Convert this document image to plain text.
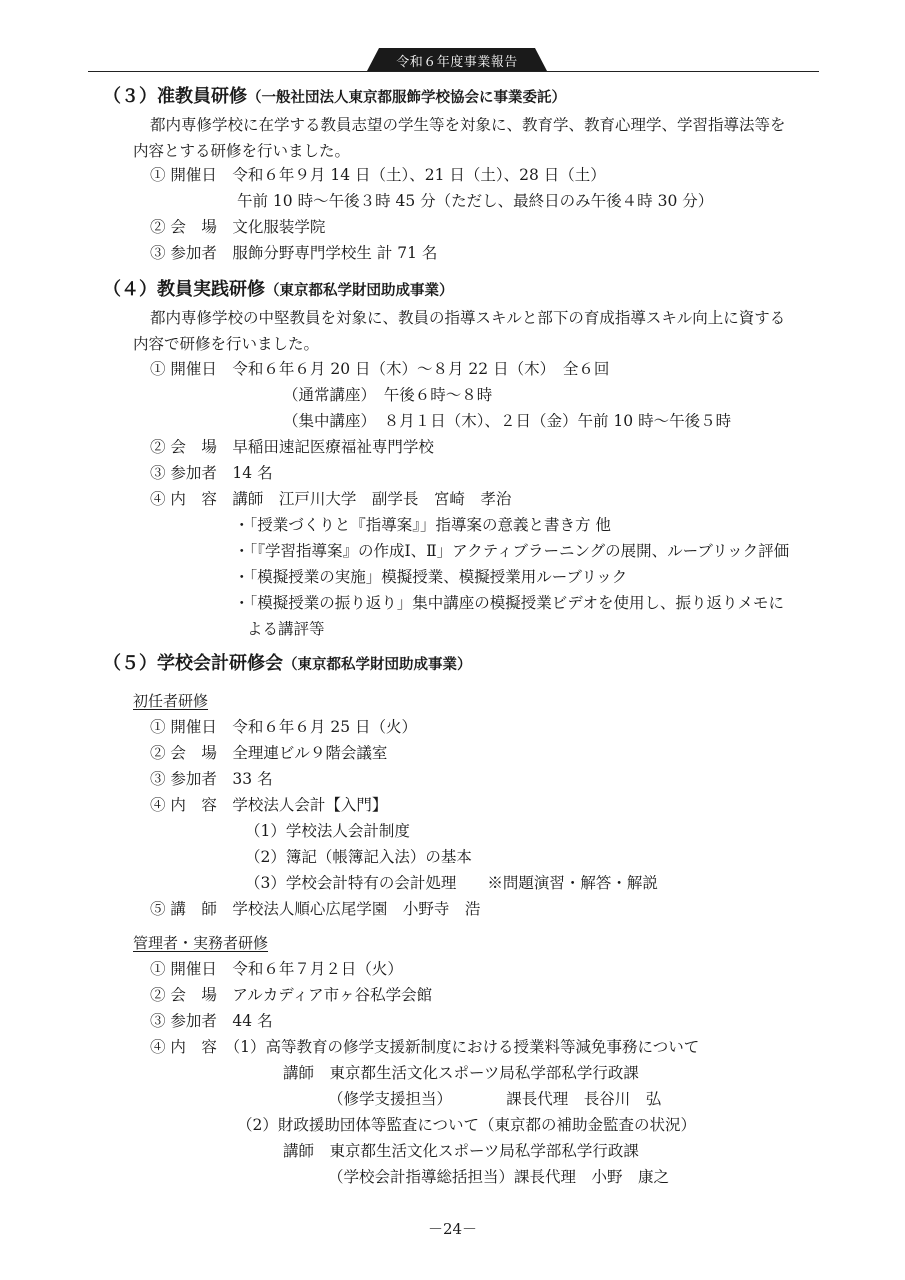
令和６年度事業報告
（３）准教員研修（一般社団法人東京都服飾学校協会に事業委託）
都内専修学校に在学する教員志望の学生等を対象に、教育学、教育心理学、学習指導法等を
内容とする研修を行いました。
① 開催日　令和６年９月 14 日（土）、21 日（土）、28 日（土）
午前 10 時～午後３時 45 分（ただし、最終日のみ午後４時 30 分）
② 会　場　文化服装学院
③ 参加者　服飾分野専門学校生 計 71 名
（４）教員実践研修（東京都私学財団助成事業）
都内専修学校の中堅教員を対象に、教員の指導スキルと部下の育成指導スキル向上に資する
内容で研修を行いました。
① 開催日　令和６年６月 20 日（木）～８月 22 日（木）　全６回
（通常講座）　午後６時～８時
（集中講座）　８月１日（木）、２日（金）午前 10 時～午後５時
② 会　場　早稲田速記医療福祉専門学校
③ 参加者　14 名
④ 内　容　講師　江戸川大学　副学長　宮崎　孝治
・「授業づくりと『指導案』」指導案の意義と書き方 他
・「『学習指導案』の作成Ⅰ、Ⅱ」アクティブラーニングの展開、ルーブリック評価
・「模擬授業の実施」模擬授業、模擬授業用ルーブリック
・「模擬授業の振り返り」集中講座の模擬授業ビデオを使用し、振り返りメモに
よる講評等
（５）学校会計研修会（東京都私学財団助成事業）
初任者研修
① 開催日　令和６年６月 25 日（火）
② 会　場　全理連ビル９階会議室
③ 参加者　33 名
④ 内　容　学校法人会計【入門】
（1）学校法人会計制度
（2）簿記（帳簿記入法）の基本
（3）学校会計特有の会計処理　　※問題演習・解答・解説
⑤ 講　師　学校法人順心広尾学園　小野寺　浩
管理者・実務者研修
① 開催日　令和６年７月２日（火）
② 会　場　アルカディア市ヶ谷私学会館
③ 参加者　44 名
④ 内　容　（1）高等教育の修学支援新制度における授業料等減免事務について
講師　東京都生活文化スポーツ局私学部私学行政課
（修学支援担当）　　　　課長代理　長谷川　弘
（2）財政援助団体等監査について（東京都の補助金監査の状況）
講師　東京都生活文化スポーツ局私学部私学行政課
（学校会計指導総括担当）課長代理　小野　康之
－24－
